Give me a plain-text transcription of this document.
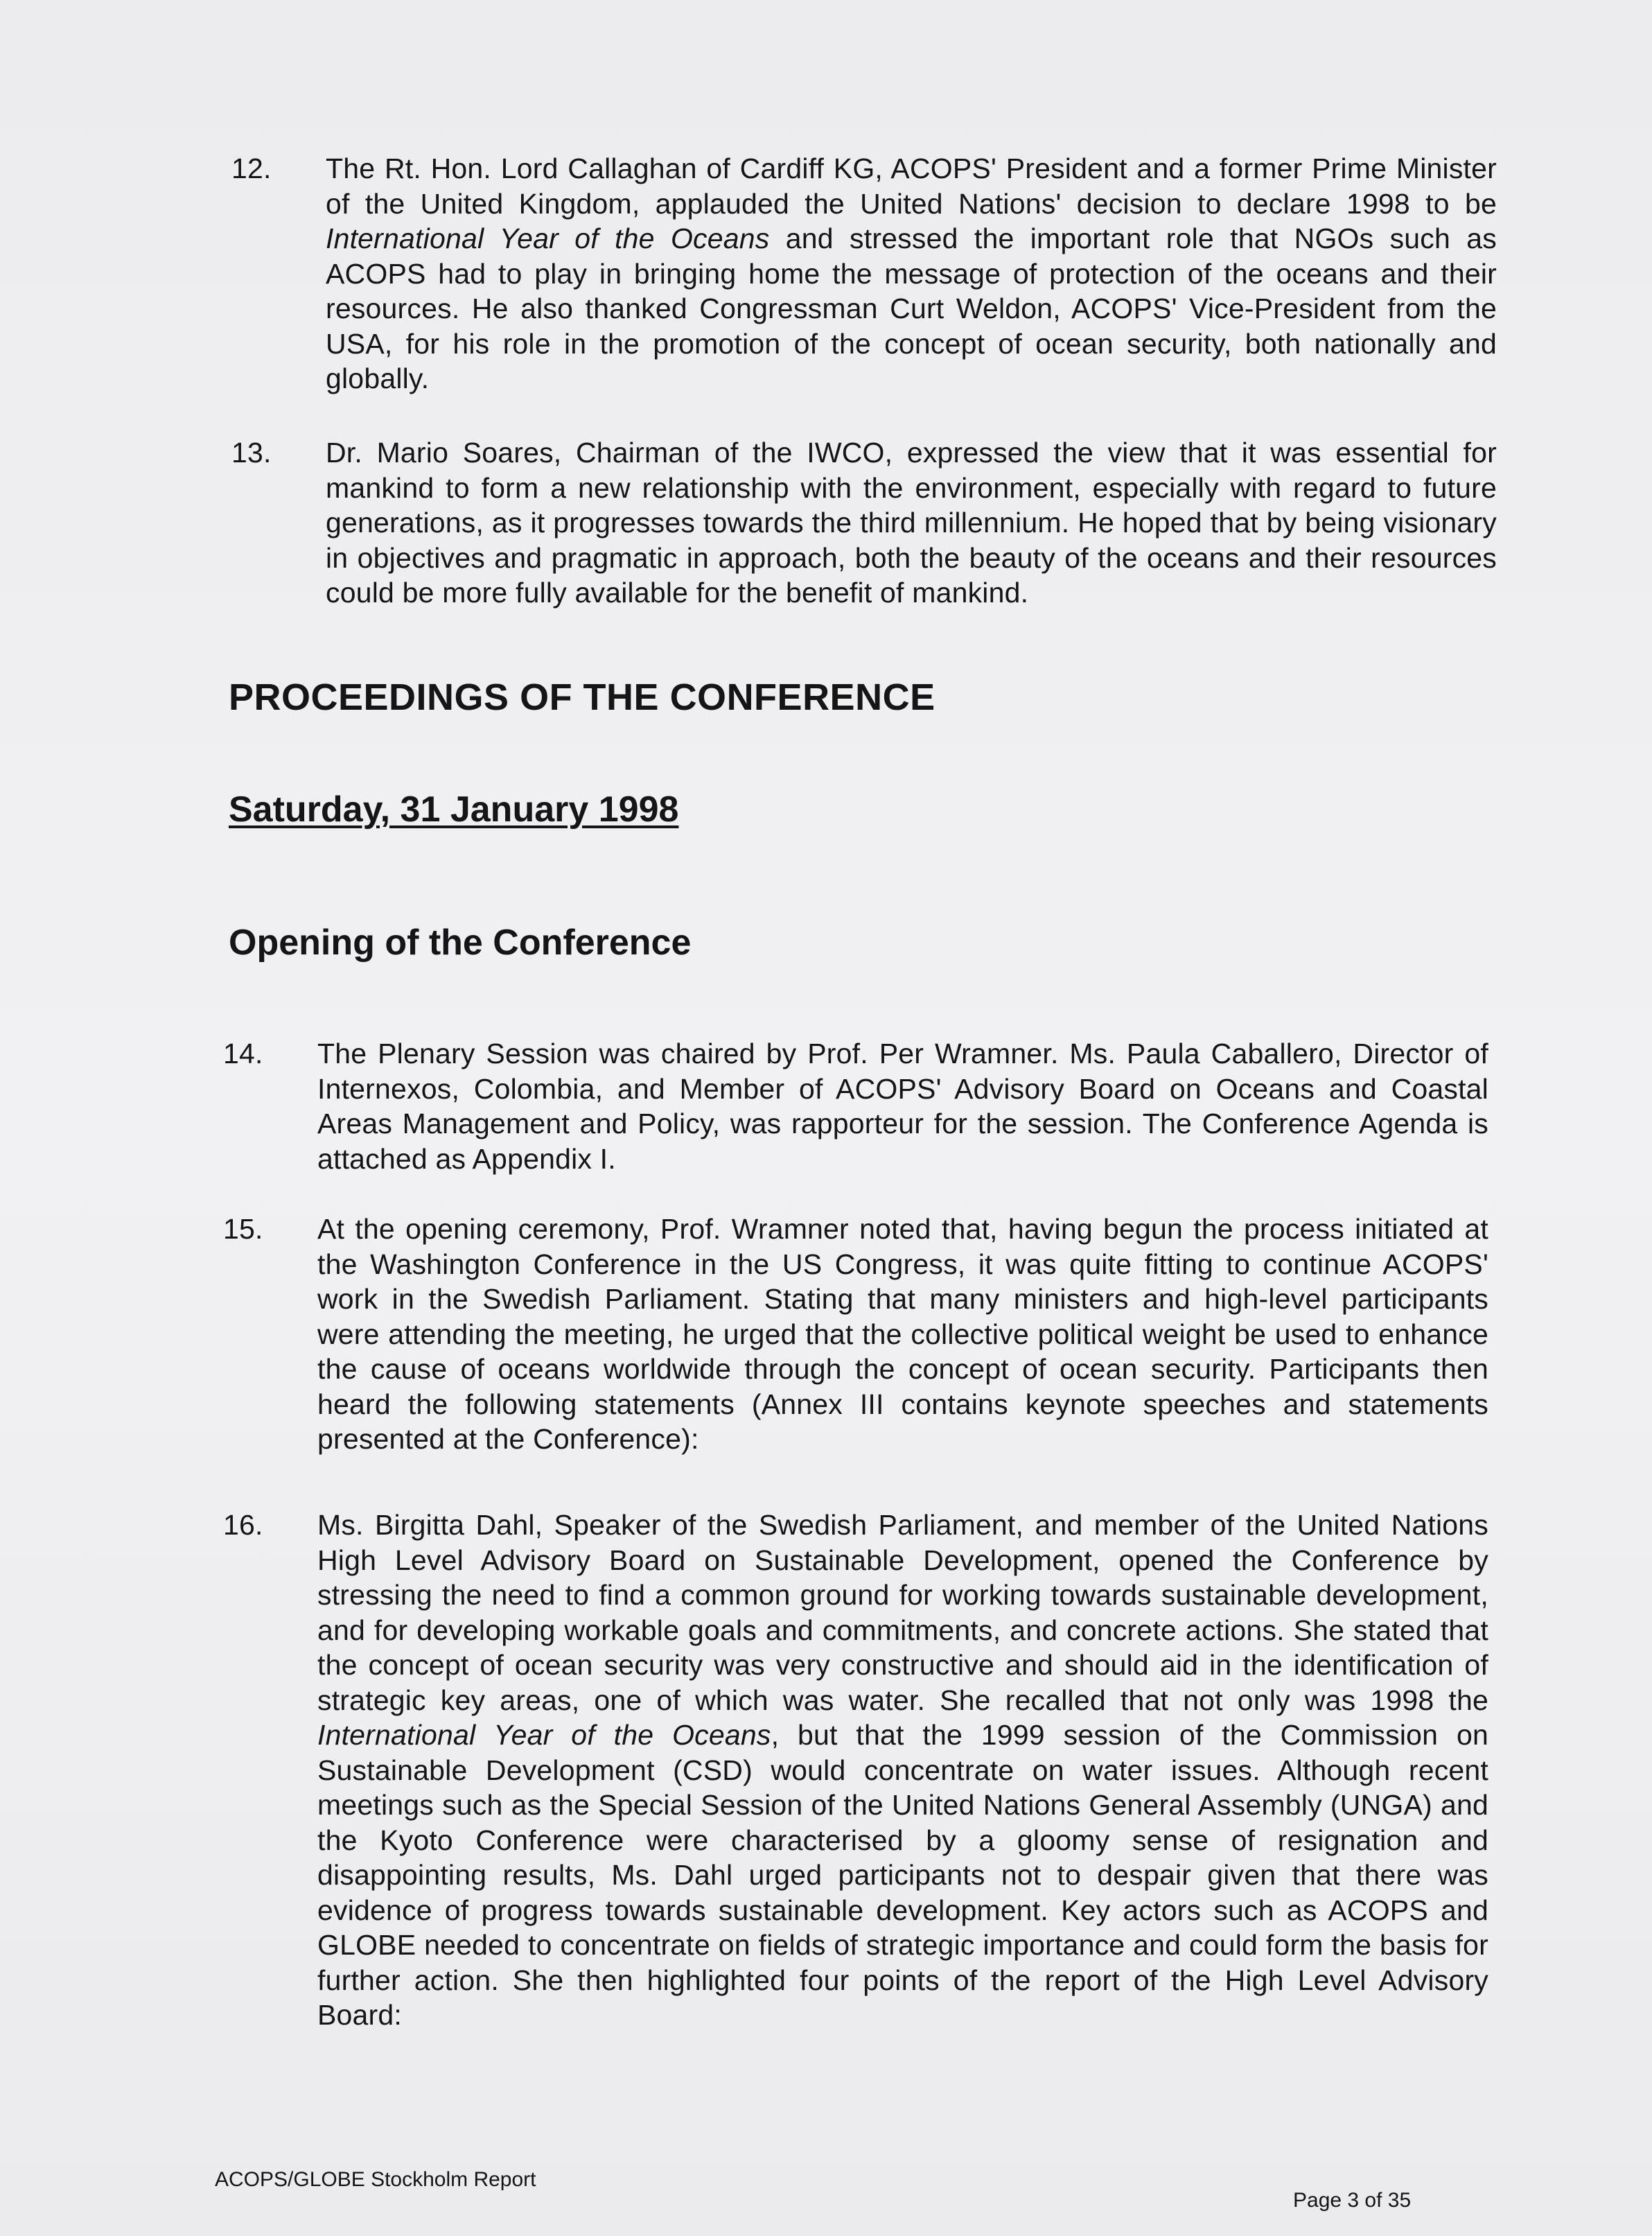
12.	The Rt. Hon. Lord Callaghan of Cardiff KG, ACOPS' President and a former Prime Minister of the United Kingdom, applauded the United Nations' decision to declare 1998 to be International Year of the Oceans and stressed the important role that NGOs such as ACOPS had to play in bringing home the message of protection of the oceans and their resources. He also thanked Congressman Curt Weldon, ACOPS' Vice-President from the USA, for his role in the promotion of the concept of ocean security, both nationally and globally.
13.	Dr. Mario Soares, Chairman of the IWCO, expressed the view that it was essential for mankind to form a new relationship with the environment, especially with regard to future generations, as it progresses towards the third millennium. He hoped that by being visionary in objectives and pragmatic in approach, both the beauty of the oceans and their resources could be more fully available for the benefit of mankind.
PROCEEDINGS OF THE CONFERENCE
Saturday, 31 January 1998
Opening of the Conference
14.	The Plenary Session was chaired by Prof. Per Wramner. Ms. Paula Caballero, Director of Internexos, Colombia, and Member of ACOPS' Advisory Board on Oceans and Coastal Areas Management and Policy, was rapporteur for the session. The Conference Agenda is attached as Appendix I.
15.	At the opening ceremony, Prof. Wramner noted that, having begun the process initiated at the Washington Conference in the US Congress, it was quite fitting to continue ACOPS' work in the Swedish Parliament. Stating that many ministers and high-level participants were attending the meeting, he urged that the collective political weight be used to enhance the cause of oceans worldwide through the concept of ocean security. Participants then heard the following statements (Annex III contains keynote speeches and statements presented at the Conference):
16.	Ms. Birgitta Dahl, Speaker of the Swedish Parliament, and member of the United Nations High Level Advisory Board on Sustainable Development, opened the Conference by stressing the need to find a common ground for working towards sustainable development, and for developing workable goals and commitments, and concrete actions. She stated that the concept of ocean security was very constructive and should aid in the identification of strategic key areas, one of which was water. She recalled that not only was 1998 the International Year of the Oceans, but that the 1999 session of the Commission on Sustainable Development (CSD) would concentrate on water issues. Although recent meetings such as the Special Session of the United Nations General Assembly (UNGA) and the Kyoto Conference were characterised by a gloomy sense of resignation and disappointing results, Ms. Dahl urged participants not to despair given that there was evidence of progress towards sustainable development. Key actors such as ACOPS and GLOBE needed to concentrate on fields of strategic importance and could form the basis for further action. She then highlighted four points of the report of the High Level Advisory Board:
ACOPS/GLOBE Stockholm Report
Page 3 of 35
